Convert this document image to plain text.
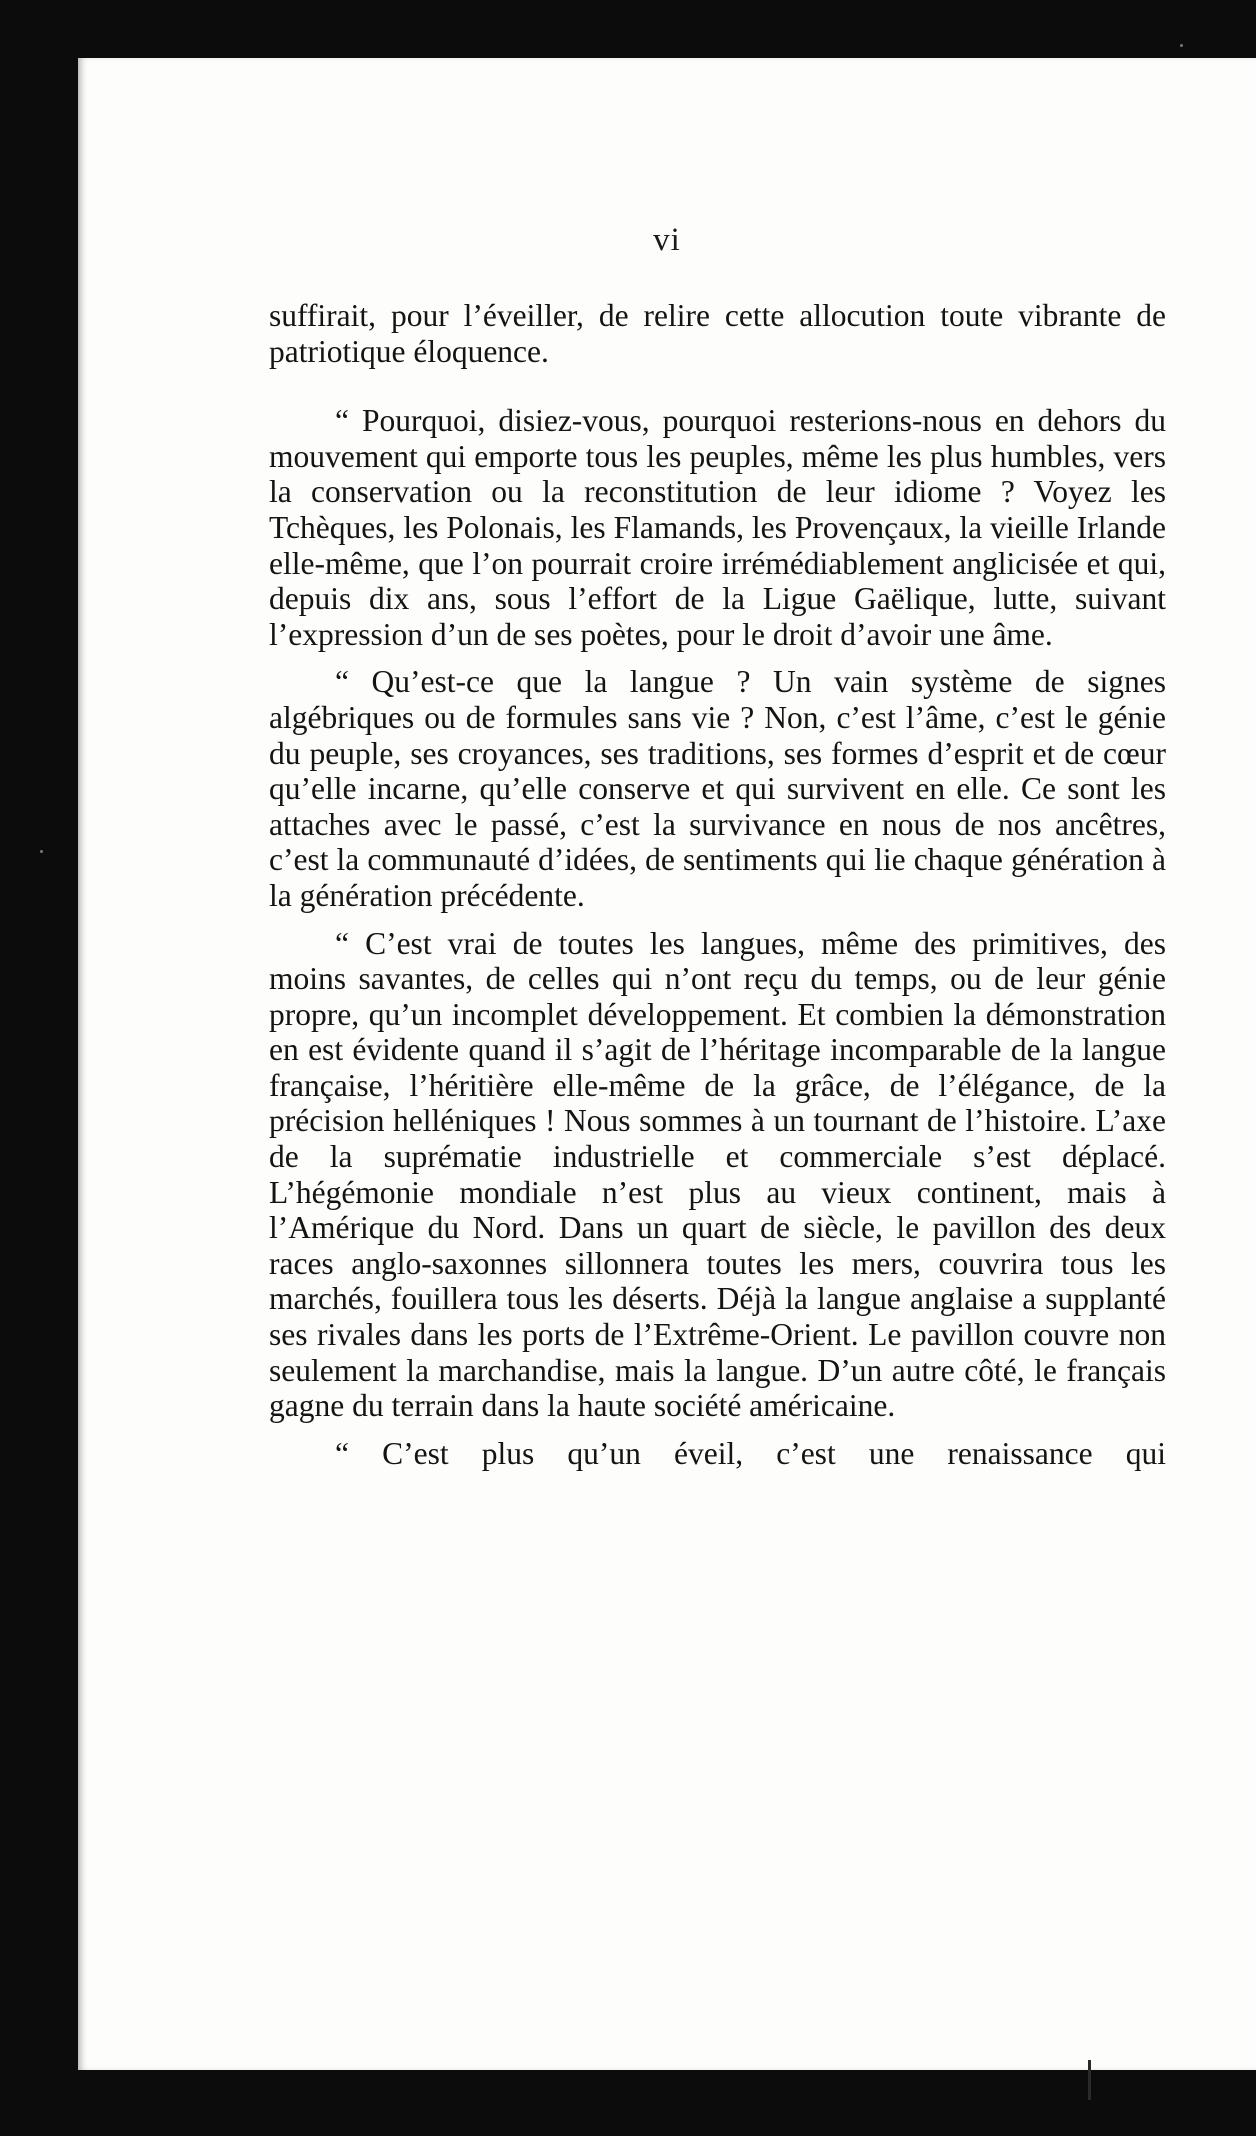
vi

suffirait, pour l’éveiller, de relire cette allocution toute vibrante de patriotique éloquence.

“ Pourquoi, disiez-vous, pourquoi resterions-nous en dehors du mouvement qui emporte tous les peuples, même les plus humbles, vers la conservation ou la reconstitution de leur idiome ? Voyez les Tchèques, les Polonais, les Flamands, les Provençaux, la vieille Irlande elle-même, que l’on pourrait croire irrémédiablement anglicisée et qui, depuis dix ans, sous l’effort de la Ligue Gaëlique, lutte, suivant l’expression d’un de ses poètes, pour le droit d’avoir une âme.

“ Qu’est-ce que la langue ? Un vain système de signes algébriques ou de formules sans vie ? Non, c’est l’âme, c’est le génie du peuple, ses croyances, ses traditions, ses formes d’esprit et de cœur qu’elle incarne, qu’elle conserve et qui survivent en elle. Ce sont les attaches avec le passé, c’est la survivance en nous de nos ancêtres, c’est la communauté d’idées, de sentiments qui lie chaque génération à la génération précédente.

“ C’est vrai de toutes les langues, même des primitives, des moins savantes, de celles qui n’ont reçu du temps, ou de leur génie propre, qu’un incomplet développement. Et combien la démonstration en est évidente quand il s’agit de l’héritage incomparable de la langue française, l’héritière elle-même de la grâce, de l’élégance, de la précision helléniques ! Nous sommes à un tournant de l’histoire. L’axe de la suprématie industrielle et commerciale s’est déplacé. L’hégémonie mondiale n’est plus au vieux continent, mais à l’Amérique du Nord. Dans un quart de siècle, le pavillon des deux races anglo-saxonnes sillonnera toutes les mers, couvrira tous les marchés, fouillera tous les déserts. Déjà la langue anglaise a supplanté ses rivales dans les ports de l’Extrême-Orient. Le pavillon couvre non seulement la marchandise, mais la langue. D’un autre côté, le français gagne du terrain dans la haute société américaine.

“ C’est plus qu’un éveil, c’est une renaissance qui
